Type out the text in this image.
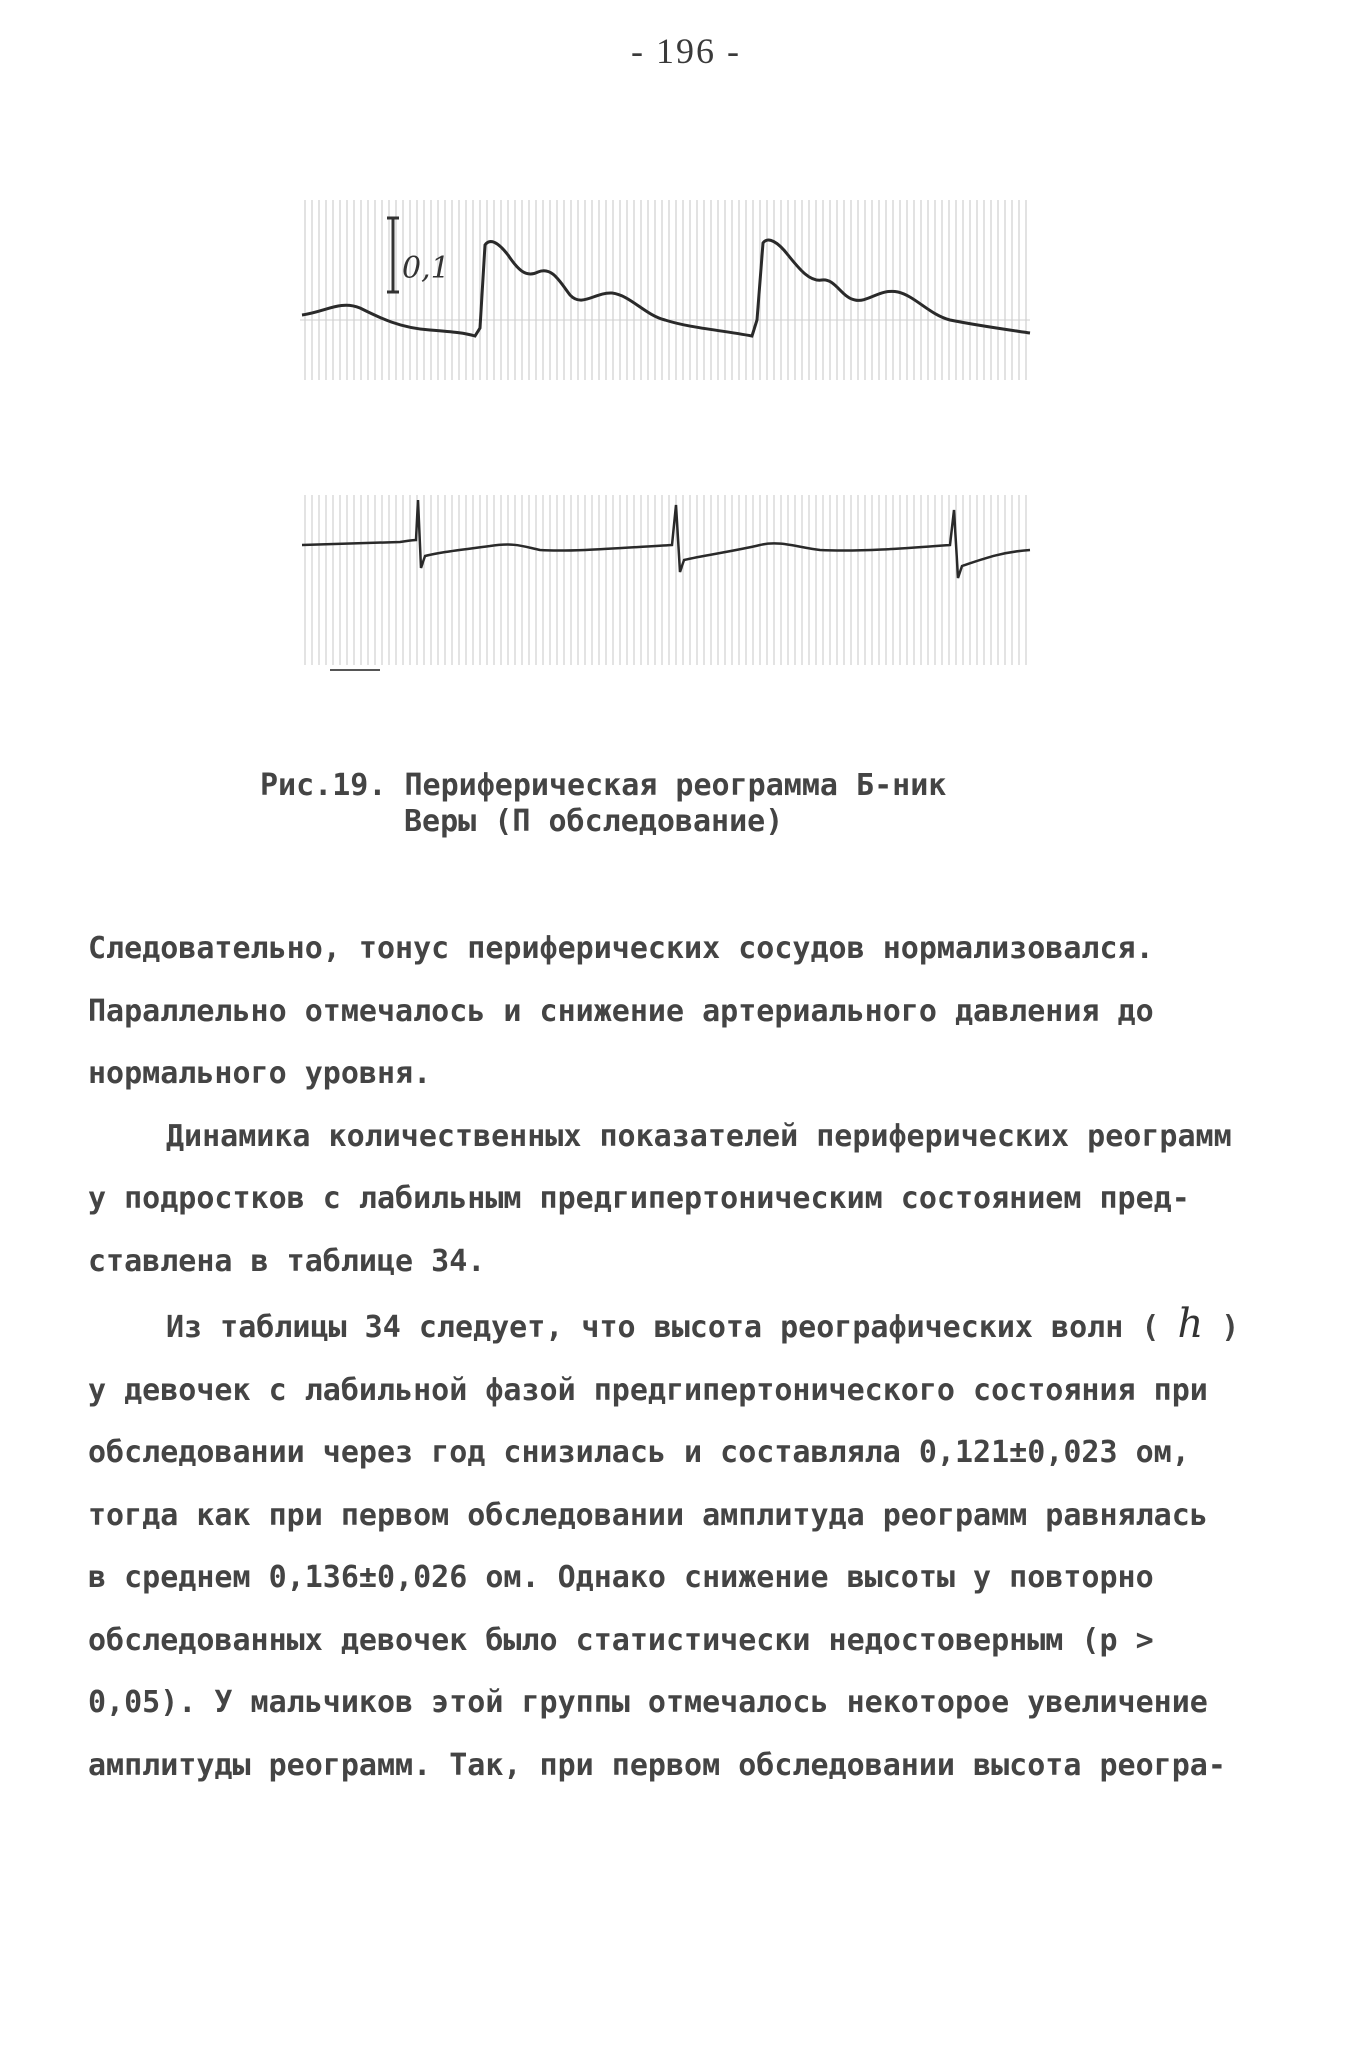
- 196 -
0,1
Рис.19. Периферическая реограмма Б-ник
Веры (П обследование)

Следовательно, тонус периферических сосудов нормализовался.

Параллельно отмечалось и снижение артериального давления до

нормального уровня.

Динамика количественных показателей периферических реограмм

у подростков с лабильным предгипертоническим состоянием пред-

ставлена в таблице 34.

Из таблицы 34 следует, что высота реографических волн ( h )

у девочек с лабильной фазой предгипертонического состояния при

обследовании через год снизилась и составляла 0,121±0,023 ом,

тогда как при первом обследовании амплитуда реограмм равнялась

в среднем 0,136±0,026 ом. Однако снижение высоты у повторно

обследованных девочек было статистически недостоверным (р >

0,05). У мальчиков этой группы отмечалось некоторое увеличение

амплитуды реограмм. Так, при первом обследовании высота реогра-
